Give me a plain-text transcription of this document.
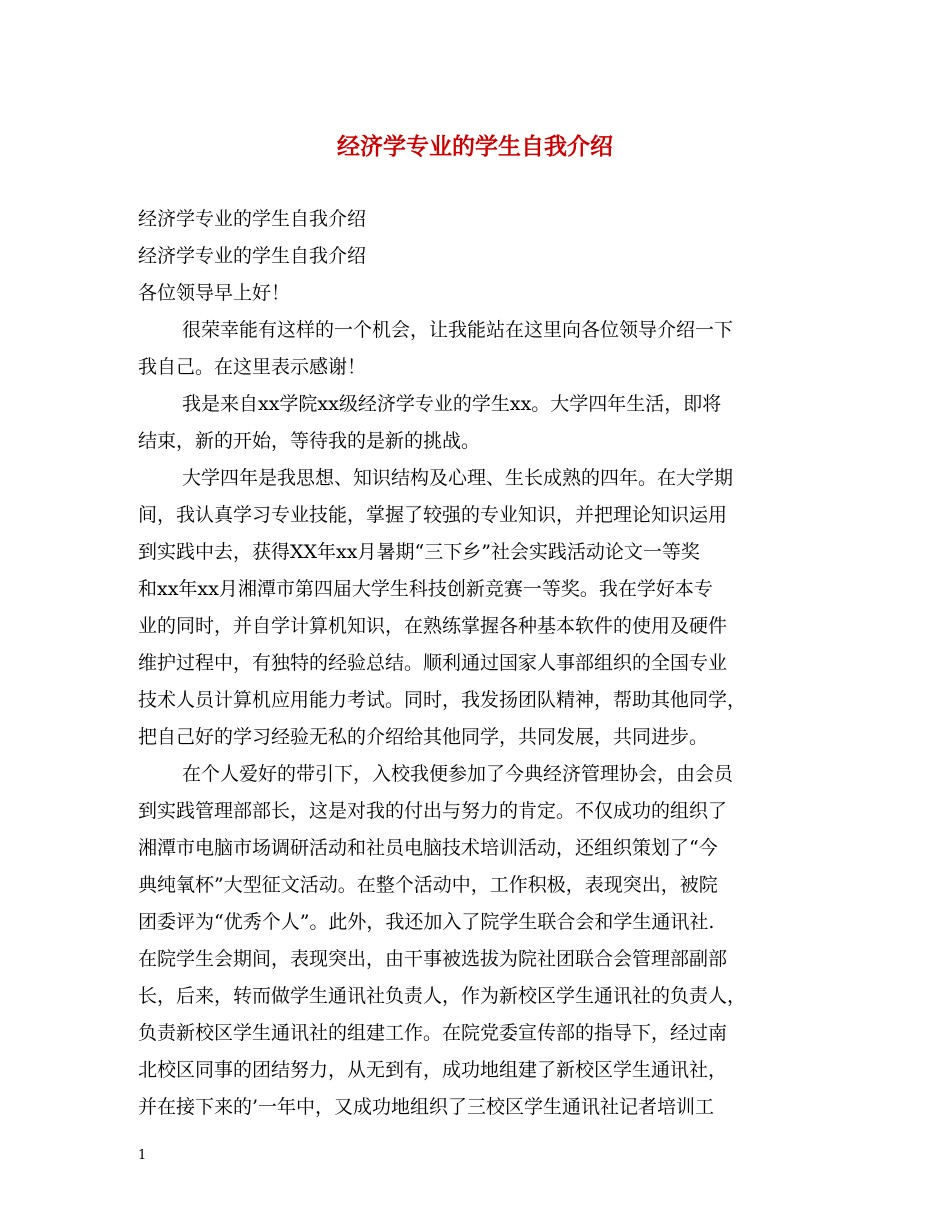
经济学专业的学生自我介绍
经济学专业的学生自我介绍
经济学专业的学生自我介绍
各位领导早上好！
很荣幸能有这样的一个机会，让我能站在这里向各位领导介绍一下
我自己。在这里表示感谢！
我是来自xx学院xx级经济学专业的学生xx。大学四年生活，即将
结束，新的开始，等待我的是新的挑战。
大学四年是我思想、知识结构及心理、生长成熟的四年。在大学期
间，我认真学习专业技能，掌握了较强的专业知识，并把理论知识运用
到实践中去，获得XX年xx月暑期“三下乡”社会实践活动论文一等奖
和xx年xx月湘潭市第四届大学生科技创新竞赛一等奖。我在学好本专
业的同时，并自学计算机知识，在熟练掌握各种基本软件的使用及硬件
维护过程中，有独特的经验总结。顺利通过国家人事部组织的全国专业
技术人员计算机应用能力考试。同时，我发扬团队精神，帮助其他同学，
把自己好的学习经验无私的介绍给其他同学，共同发展，共同进步。
在个人爱好的带引下，入校我便参加了今典经济管理协会，由会员
到实践管理部部长，这是对我的付出与努力的肯定。不仅成功的组织了
湘潭市电脑市场调研活动和社员电脑技术培训活动，还组织策划了“今
典纯氧杯”大型征文活动。在整个活动中，工作积极，表现突出，被院
团委评为“优秀个人”。此外，我还加入了院学生联合会和学生通讯社.
在院学生会期间，表现突出，由干事被选拔为院社团联合会管理部副部
长，后来，转而做学生通讯社负责人，作为新校区学生通讯社的负责人，
负责新校区学生通讯社的组建工作。在院党委宣传部的指导下，经过南
北校区同事的团结努力，从无到有，成功地组建了新校区学生通讯社，
并在接下来的’一年中，又成功地组织了三校区学生通讯社记者培训工
1
